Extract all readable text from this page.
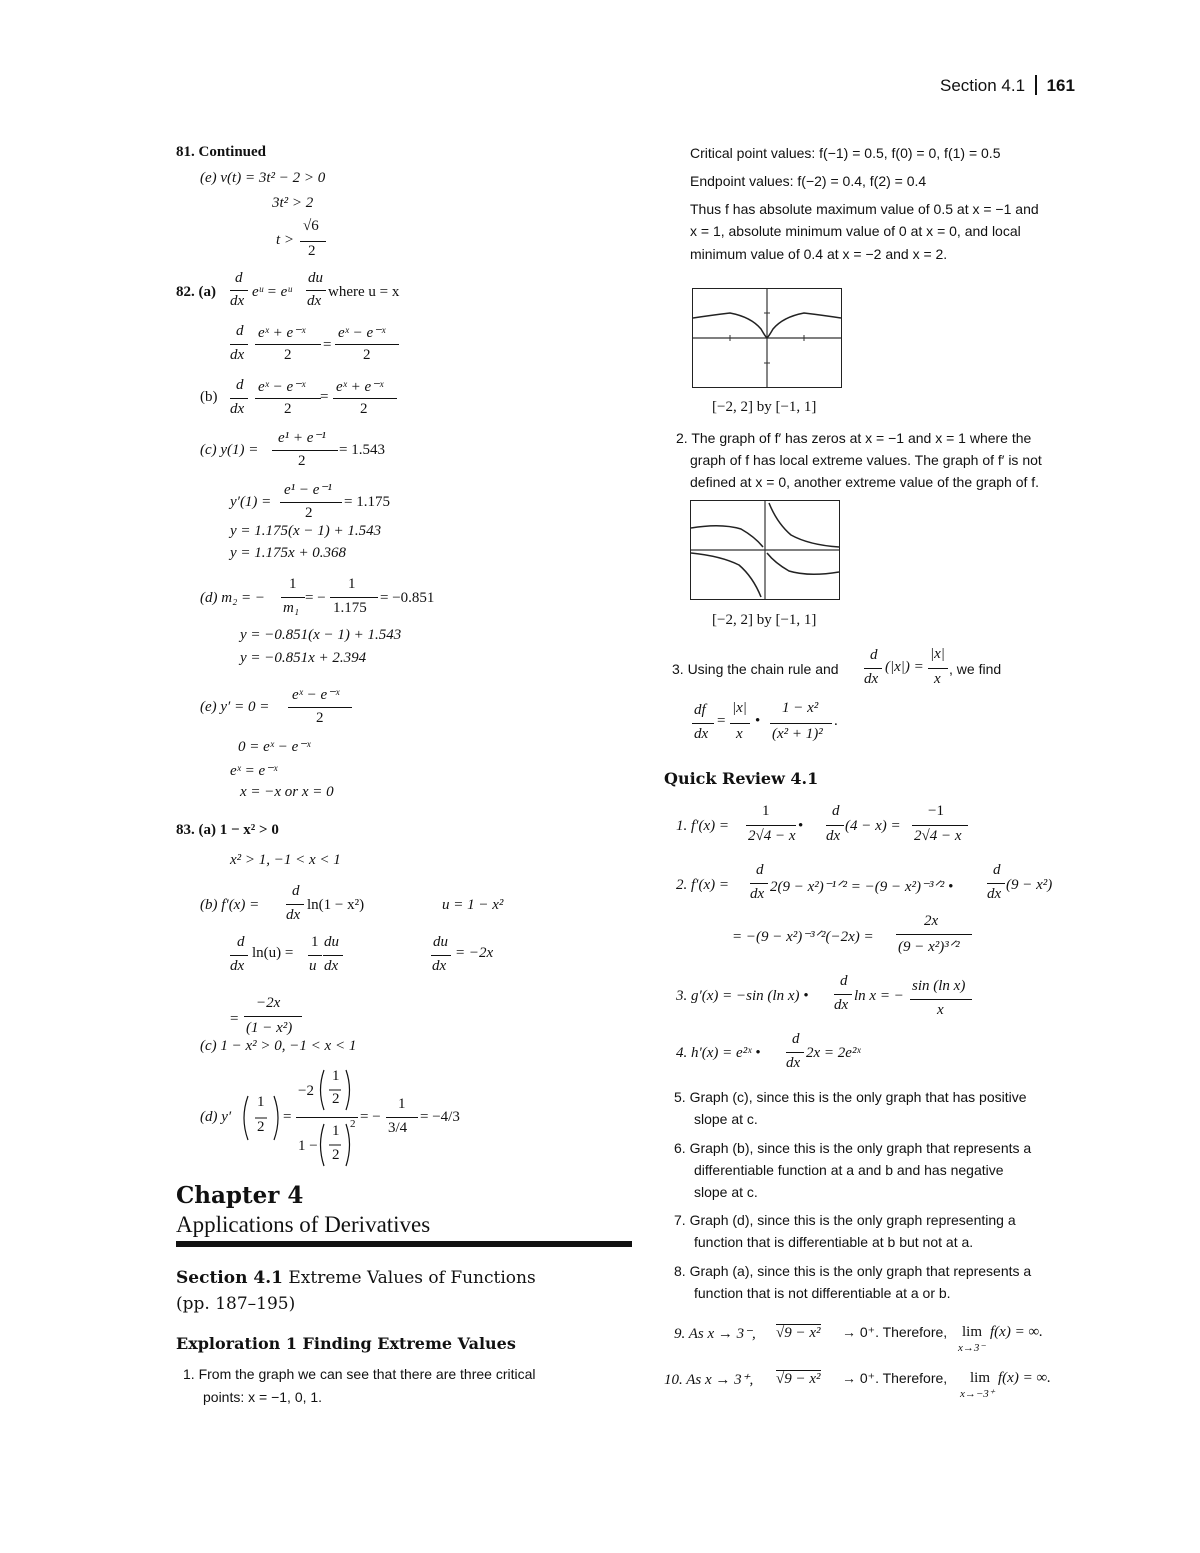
Section 4.1 161
81. Continued
(e) v(t) = 3t² − 2 > 0
3t² > 2
t >
√6
2
82. (a)
d
dx
eᵘ = eᵘ
du
dx
where u = x
d
dx
eˣ + e⁻ˣ
2
=
eˣ − e⁻ˣ
2
(b)
d
dx
eˣ − e⁻ˣ
2
=
eˣ + e⁻ˣ
2
(c) y(1) =
e¹ + e⁻¹
2
= 1.543
y′(1) =
e¹ − e⁻¹
2
= 1.175
y = 1.175(x − 1) + 1.543
y = 1.175x + 0.368
(d) m₂ = −
1
m₁
= −
1
1.175
= −0.851
y = −0.851(x − 1) + 1.543
y = −0.851x + 2.394
(e) y′ = 0 =
eˣ − e⁻ˣ
2
0 = eˣ − e⁻ˣ
eˣ = e⁻ˣ
x = −x or x = 0
83. (a) 1 − x² > 0
x² > 1, −1 < x < 1
(b) f′(x) =
d
dx
ln(1 − x²)	u = 1 − x²
d
dx
ln(u) =
1
u
du
dx
du
dx
= −2x
=
−2x
(1 − x²)
(c) 1 − x² > 0, −1 < x < 1
(d) y′
1
2
=
−2
1
2
1 −
1
2
2 = −
1
3/4
= −4/3
Chapter 4
Applications of Derivatives
Section 4.1 Extreme Values of Functions
(pp. 187–195)
Exploration 1 Finding Extreme Values
1. From the graph we can see that there are three critical
points: x = −1, 0, 1.
Critical point values: f(−1) = 0.5, f(0) = 0, f(1) = 0.5
Endpoint values: f(−2) = 0.4, f(2) = 0.4
Thus f has absolute maximum value of 0.5 at x = −1 and
x = 1, absolute minimum value of 0 at x = 0, and local
minimum value of 0.4 at x = −2 and x = 2.
[−2, 2] by [−1, 1]
2. The graph of f′ has zeros at x = −1 and x = 1 where the
graph of f has local extreme values. The graph of f′ is not
defined at x = 0, another extreme value of the graph of f.
[−2, 2] by [−1, 1]
3. Using the chain rule and
d
dx
(|x|) =
|x|
x
, we find
df
dx
=
|x|
x
•
1 − x²
(x² + 1)²
.
Quick Review 4.1
1. f′(x) =
1
2√4 − x
•
d
dx
(4 − x) =
−1
2√4 − x
2. f′(x) =
d
dx 2(9 − x²)⁻¹ᐟ² = −(9 − x²)⁻³ᐟ² •
d
dx
(9 − x²)
= −(9 − x²)⁻³ᐟ²(−2x) =
2x
(9 − x²)³ᐟ²
3. g′(x) = −sin (ln x) •
d
dx
ln x = −
sin (ln x)
x
4. h′(x) = e²ˣ •
d
dx
2x = 2e²ˣ
5. Graph (c), since this is the only graph that has positive
slope at c.
6. Graph (b), since this is the only graph that represents a
differentiable function at a and b and has negative
slope at c.
7. Graph (d), since this is the only graph representing a
function that is differentiable at b but not at a.
8. Graph (a), since this is the only graph that represents a
function that is not differentiable at a or b.
9. As x → 3⁻, √9 − x² → 0⁺. Therefore, lim
x→3⁻
f(x) = ∞.
10. As x → 3⁺, √9 − x² → 0⁺. Therefore, lim
x→−3⁺
f(x) = ∞.
